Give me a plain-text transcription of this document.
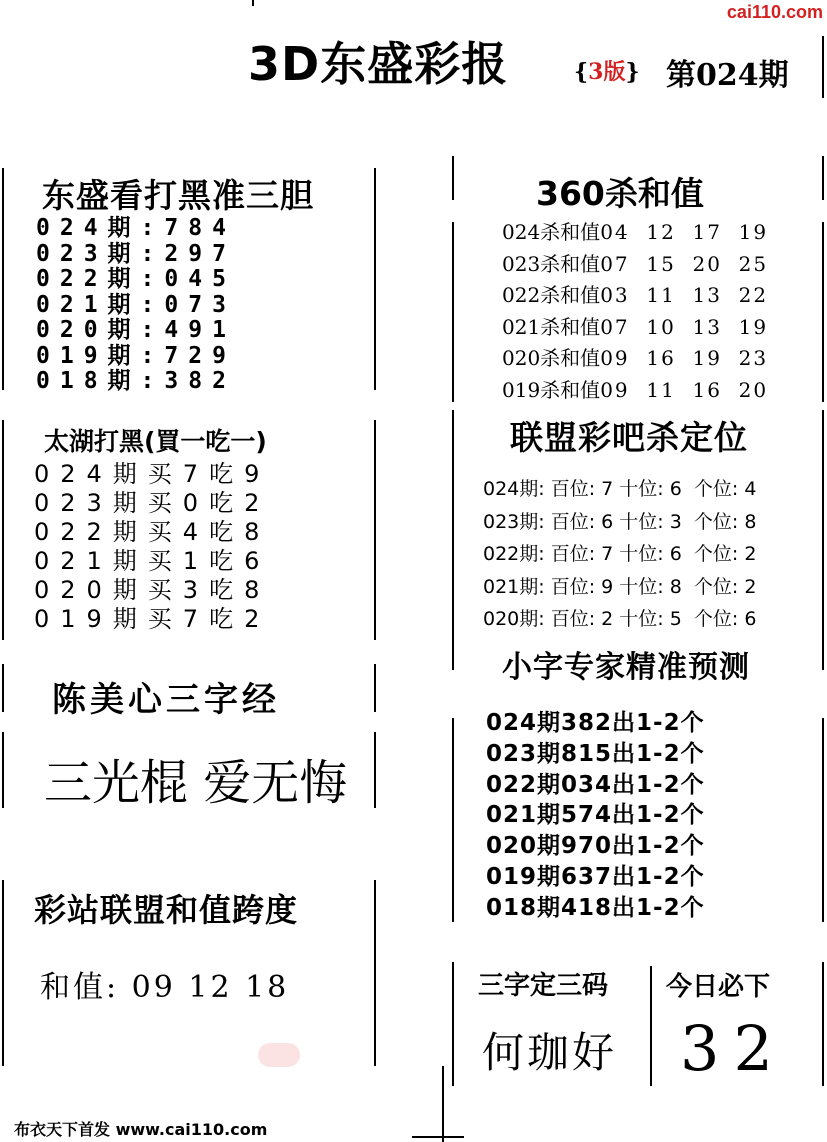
cai110.com
3D东盛彩报	{3版} 第024期
东盛看打黑准三胆
024期:784
023期:297
022期:045
021期:073
020期:491
019期:729
018期:382
太湖打黑(買一吃一)
024期买7吃9
023期买0吃2
022期买4吃8
021期买1吃6
020期买3吃8
019期买7吃2
陈美心三字经
三光棍 爱无悔
彩站联盟和值跨度
和值: 09 12 18
360杀和值
024杀和值04  12  17  19
023杀和值07  15  20  25
022杀和值03  11  13  22
021杀和值07  10  13  19
020杀和值09  16  19  23
019杀和值09  11  16  20
联盟彩吧杀定位
024期: 百位: 7 十位: 6  个位: 4
023期: 百位: 6 十位: 3  个位: 8
022期: 百位: 7 十位: 6  个位: 2
021期: 百位: 9 十位: 8  个位: 2
020期: 百位: 2 十位: 5  个位: 6
小字专家精准预测
024期382出1-2个
023期815出1-2个
022期034出1-2个
021期574出1-2个
020期970出1-2个
019期637出1-2个
018期418出1-2个
三字定三码
何珈好
今日必下
32
布衣天下首发 www.cai110.com
